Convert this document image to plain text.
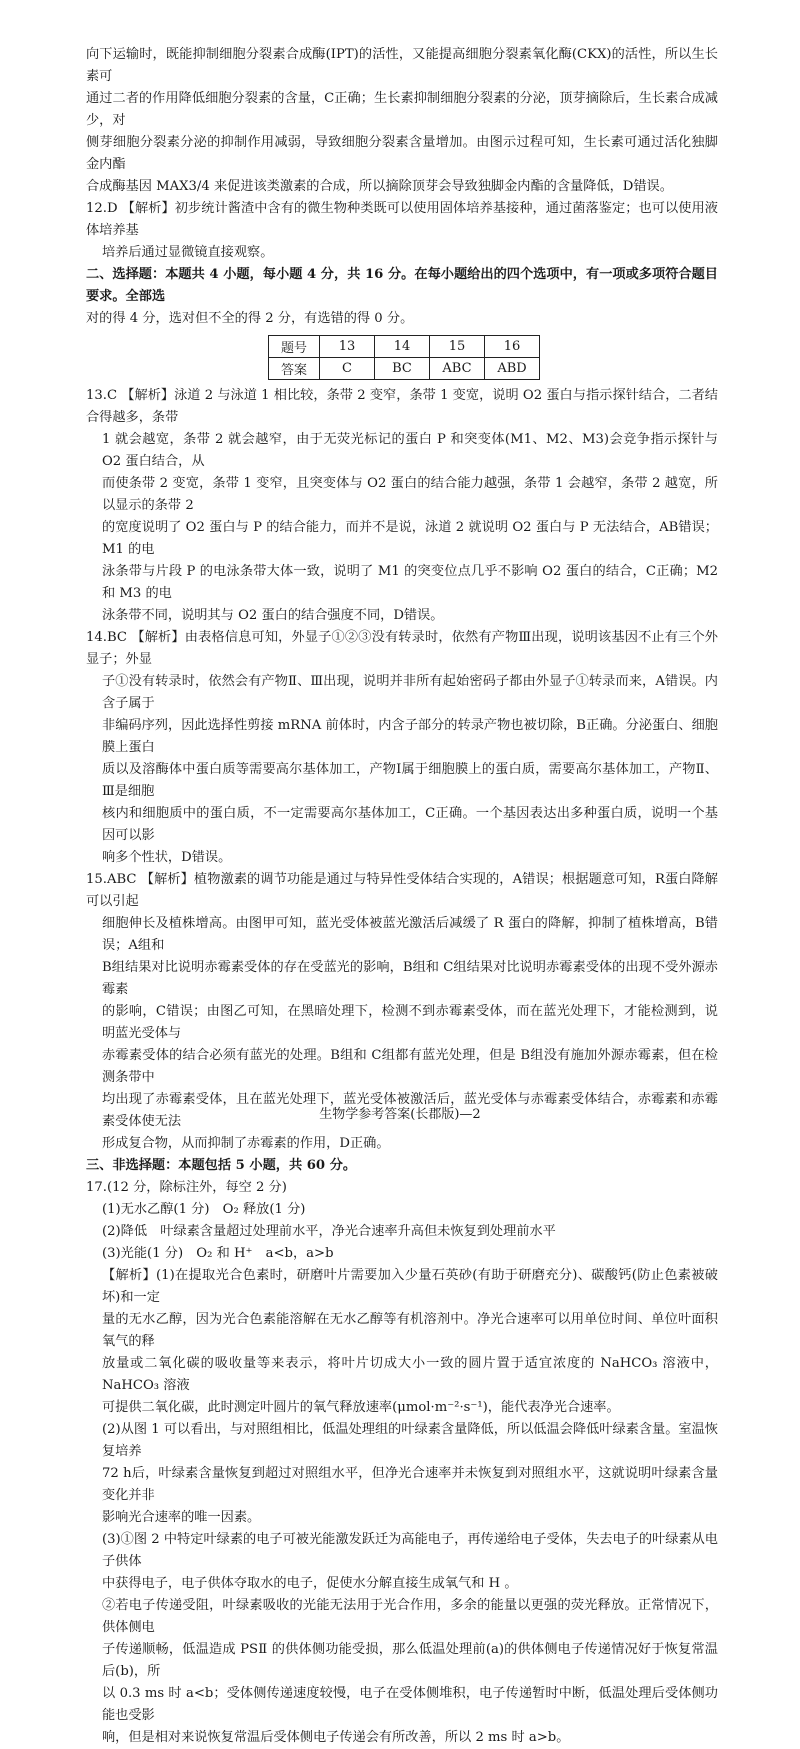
向下运输时，既能抑制细胞分裂素合成酶(IPT)的活性，又能提高细胞分裂素氧化酶(CKX)的活性，所以生长素可

通过二者的作用降低细胞分裂素的含量，C正确；生长素抑制细胞分裂素的分泌，顶芽摘除后，生长素合成减少，对

侧芽细胞分裂素分泌的抑制作用减弱，导致细胞分裂素含量增加。由图示过程可知，生长素可通过活化独脚金内酯

合成酶基因 MAX3/4 来促进该类激素的合成，所以摘除顶芽会导致独脚金内酯的含量降低，D错误。

12.D 【解析】初步统计酱渣中含有的微生物种类既可以使用固体培养基接种，通过菌落鉴定；也可以使用液体培养基

培养后通过显微镜直接观察。

二、选择题：本题共 4 小题，每小题 4 分，共 16 分。在每小题给出的四个选项中，有一项或多项符合题目要求。全部选

对的得 4 分，选对但不全的得 2 分，有选错的得 0 分。

题号	13	14	15	16
答案	C	BC	ABC	ABD

13.C 【解析】泳道 2 与泳道 1 相比较，条带 2 变窄，条带 1 变宽，说明 O2 蛋白与指示探针结合，二者结合得越多，条带

1 就会越宽，条带 2 就会越窄，由于无荧光标记的蛋白 P 和突变体(M1、M2、M3)会竞争指示探针与 O2 蛋白结合，从

而使条带 2 变宽，条带 1 变窄，且突变体与 O2 蛋白的结合能力越强，条带 1 会越窄，条带 2 越宽，所以显示的条带 2

的宽度说明了 O2 蛋白与 P 的结合能力，而并不是说，泳道 2 就说明 O2 蛋白与 P 无法结合，AB错误；M1 的电

泳条带与片段 P 的电泳条带大体一致，说明了 M1 的突变位点几乎不影响 O2 蛋白的结合，C正确；M2 和 M3 的电

泳条带不同，说明其与 O2 蛋白的结合强度不同，D错误。

14.BC 【解析】由表格信息可知，外显子①②③没有转录时，依然有产物Ⅲ出现，说明该基因不止有三个外显子；外显

子①没有转录时，依然会有产物Ⅱ、Ⅲ出现，说明并非所有起始密码子都由外显子①转录而来，A错误。内含子属于

非编码序列，因此选择性剪接 mRNA 前体时，内含子部分的转录产物也被切除，B正确。分泌蛋白、细胞膜上蛋白

质以及溶酶体中蛋白质等需要高尔基体加工，产物Ⅰ属于细胞膜上的蛋白质，需要高尔基体加工，产物Ⅱ、Ⅲ是细胞

核内和细胞质中的蛋白质，不一定需要高尔基体加工，C正确。一个基因表达出多种蛋白质，说明一个基因可以影

响多个性状，D错误。

15.ABC 【解析】植物激素的调节功能是通过与特异性受体结合实现的，A错误；根据题意可知，R蛋白降解可以引起

细胞伸长及植株增高。由图甲可知，蓝光受体被蓝光激活后减缓了 R 蛋白的降解，抑制了植株增高，B错误；A组和

B组结果对比说明赤霉素受体的存在受蓝光的影响，B组和 C组结果对比说明赤霉素受体的出现不受外源赤霉素

的影响，C错误；由图乙可知，在黑暗处理下，检测不到赤霉素受体，而在蓝光处理下，才能检测到，说明蓝光受体与

赤霉素受体的结合必须有蓝光的处理。B组和 C组都有蓝光处理，但是 B组没有施加外源赤霉素，但在检测条带中

均出现了赤霉素受体，且在蓝光处理下，蓝光受体被激活后，蓝光受体与赤霉素受体结合，赤霉素和赤霉素受体使无法

形成复合物，从而抑制了赤霉素的作用，D正确。

三、非选择题：本题包括 5 小题，共 60 分。

17.(12 分，除标注外，每空 2 分)

(1)无水乙醇(1 分)　O₂ 释放(1 分)

(2)降低　叶绿素含量超过处理前水平，净光合速率升高但未恢复到处理前水平

(3)光能(1 分)　O₂ 和 H⁺　a<b，a>b

【解析】(1)在提取光合色素时，研磨叶片需要加入少量石英砂(有助于研磨充分)、碳酸钙(防止色素被破坏)和一定

量的无水乙醇，因为光合色素能溶解在无水乙醇等有机溶剂中。净光合速率可以用单位时间、单位叶面积氧气的释

放量或二氧化碳的吸收量等来表示，将叶片切成大小一致的圆片置于适宜浓度的 NaHCO₃ 溶液中，NaHCO₃ 溶液

可提供二氧化碳，此时测定叶圆片的氧气释放速率(μmol·m⁻²·s⁻¹)，能代表净光合速率。

(2)从图 1 可以看出，与对照组相比，低温处理组的叶绿素含量降低，所以低温会降低叶绿素含量。室温恢复培养

72 h后，叶绿素含量恢复到超过对照组水平，但净光合速率并未恢复到对照组水平，这就说明叶绿素含量变化并非

影响光合速率的唯一因素。

(3)①图 2 中特定叶绿素的电子可被光能激发跃迁为高能电子，再传递给电子受体，失去电子的叶绿素从电子供体

中获得电子，电子供体夺取水的电子，促使水分解直接生成氧气和 H 。

②若电子传递受阻，叶绿素吸收的光能无法用于光合作用，多余的能量以更强的荧光释放。正常情况下，供体侧电

子传递顺畅，低温造成 PSⅡ 的供体侧功能受损，那么低温处理前(a)的供体侧电子传递情况好于恢复常温后(b)，所

以 0.3 ms 时 a<b；受体侧传递速度较慢，电子在受体侧堆积，电子传递暂时中断，低温处理后受体侧功能也受影

响，但是相对来说恢复常温后受体侧电子传递会有所改善，所以 2 ms 时 a>b。

生物学参考答案(长郡版)—2
